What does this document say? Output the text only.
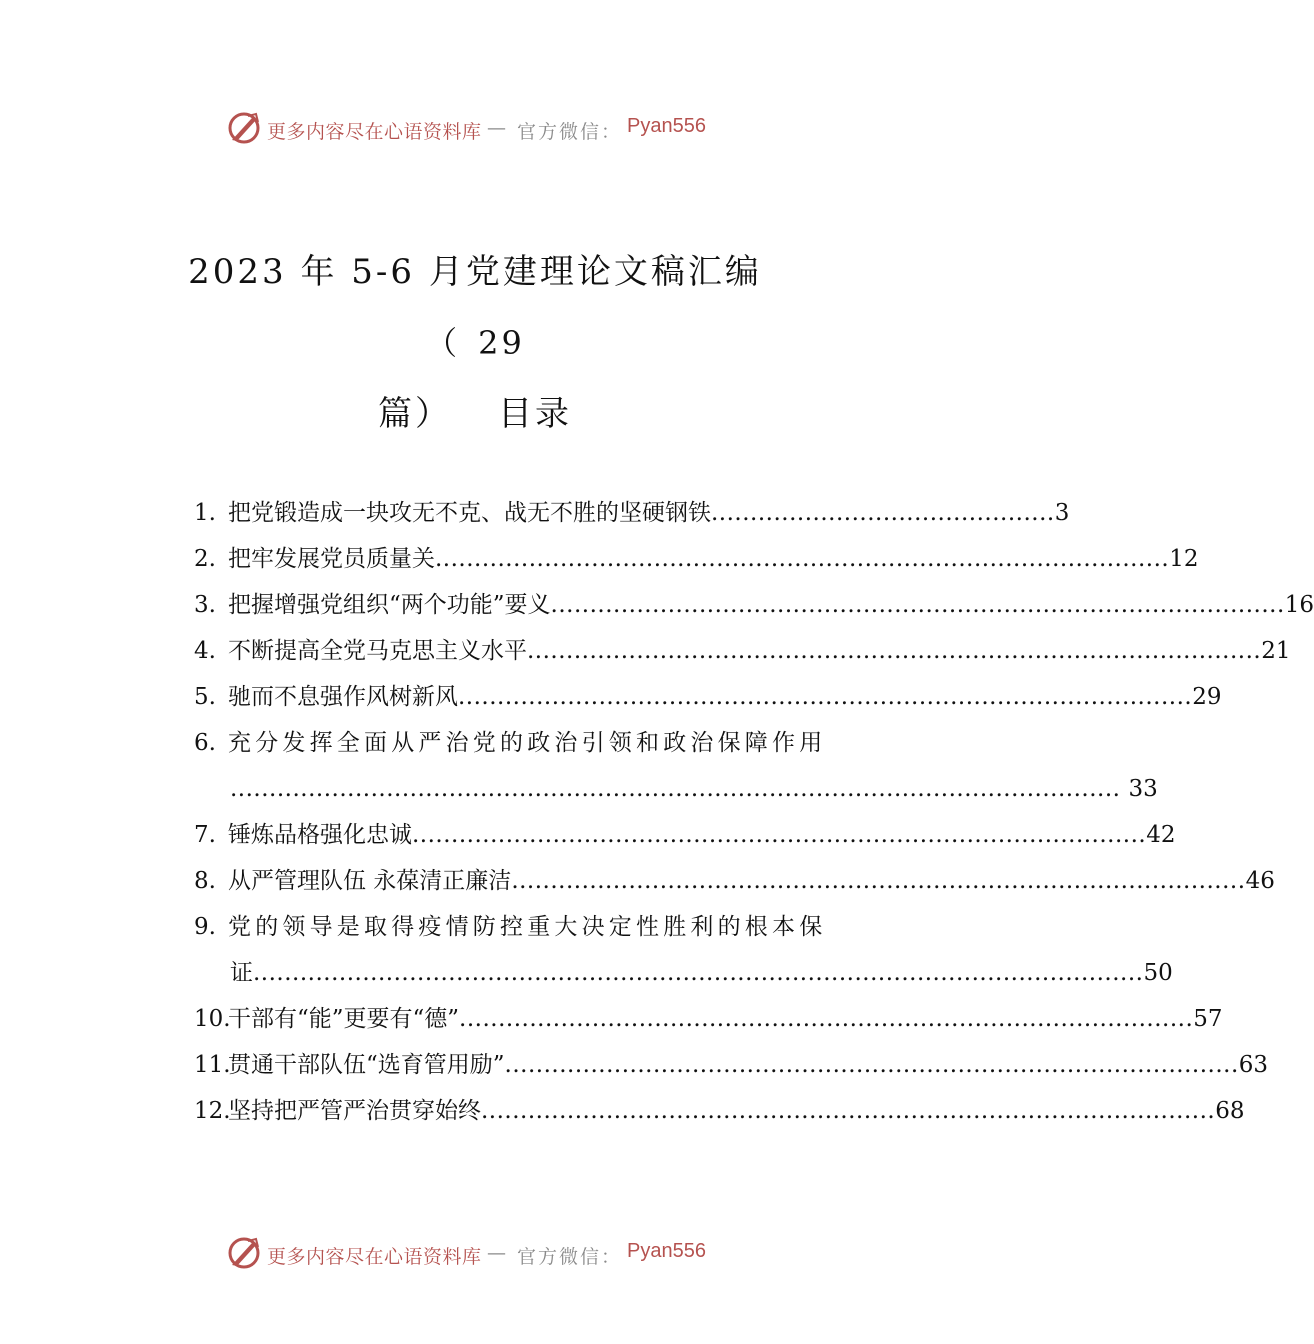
更多内容尽在心语资料库 — 官方微信： Pyan556
2023 年 5-6 月党建理论文稿汇编
（ 29
篇） 目录
1. 把党锻造成一块攻无不克、战无不胜的坚硬钢铁 ............................................ 3
2. 把牢发展党员质量关 .............................................................................................. 12
3. 把握增强党组织“两个功能”要义 .............................................................................................. 16
4. 不断提高全党马克思主义水平 .............................................................................................. 21
5. 驰而不息强作风树新风 .............................................................................................. 29
6. 充分发挥全面从严治党的政治引领和政治保障作用
.................................................................................................................. 33
7. 锤炼品格强化忠诚 .............................................................................................. 42
8. 从严管理队伍 永葆清正廉洁 .............................................................................................. 46
9. 党的领导是取得疫情防控重大决定性胜利的根本保
证 .................................................................................................................. 50
10.
干部有“能”更要有“德” .............................................................................................. 57
11.
贯通干部队伍“选育管用励” .............................................................................................. 63
12.
坚持把严管严治贯穿始终 .............................................................................................. 68
更多内容尽在心语资料库 — 官方微信： Pyan556
